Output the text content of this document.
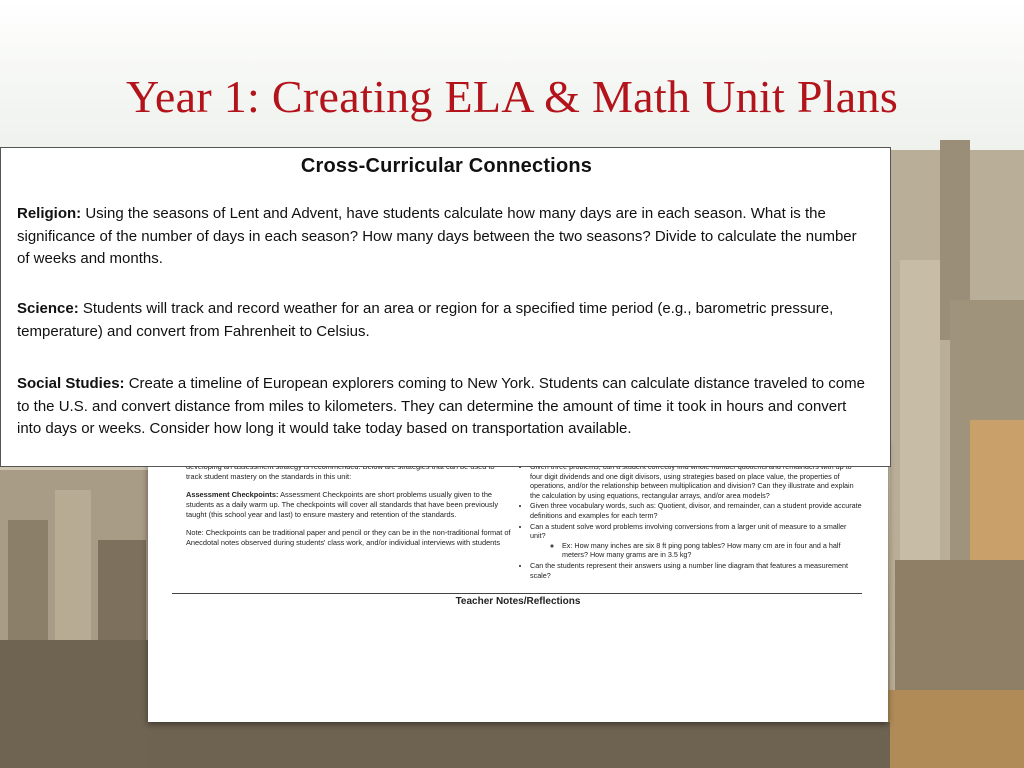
Year 1: Creating ELA & Math Unit Plans

track student mastery on the standards in this unit:

Assessment Checkpoints: Assessment Checkpoints are short problems usually given to the students as a daily warm up. The checkpoints will cover all standards that have been previously taught (this school year and last) to ensure mastery and retention of the standards.

Note: Checkpoints can be traditional paper and pencil or they can be in the non-traditional format of Anecdotal notes observed during students' class work, and/or individual interviews with students

• four digit dividends and one digit divisors, using strategies based on place value, the properties of operations, and/or the relationship between multiplication and division? Can they illustrate and explain the calculation by using equations, rectangular arrays, and/or area models?
• Given three vocabulary words, such as: Quotient, divisor, and remainder, can a student provide accurate definitions and examples for each term?
• Can a student solve word problems involving conversions from a larger unit of measure to a smaller unit?
◦ Ex: How many inches are six 8 ft ping pong tables? How many cm are in four and a half meters? How many grams are in 3.5 kg?
• Can the students represent their answers using a number line diagram that features a measurement scale?
Teacher Notes/Reflections
Cross-Curricular Connections

Religion: Using the seasons of Lent and Advent, have students calculate how many days are in each season. What is the significance of the number of days in each season? How many days between the two seasons? Divide to calculate the number of weeks and months.

Science: Students will track and record weather for an area or region for a specified time period (e.g., barometric pressure, temperature) and convert from Fahrenheit to Celsius.

Social Studies: Create a timeline of European explorers coming to New York. Students can calculate distance traveled to come to the U.S. and convert distance from miles to kilometers. They can determine the amount of time it took in hours and convert into days or weeks. Consider how long it would take today based on transportation available.
